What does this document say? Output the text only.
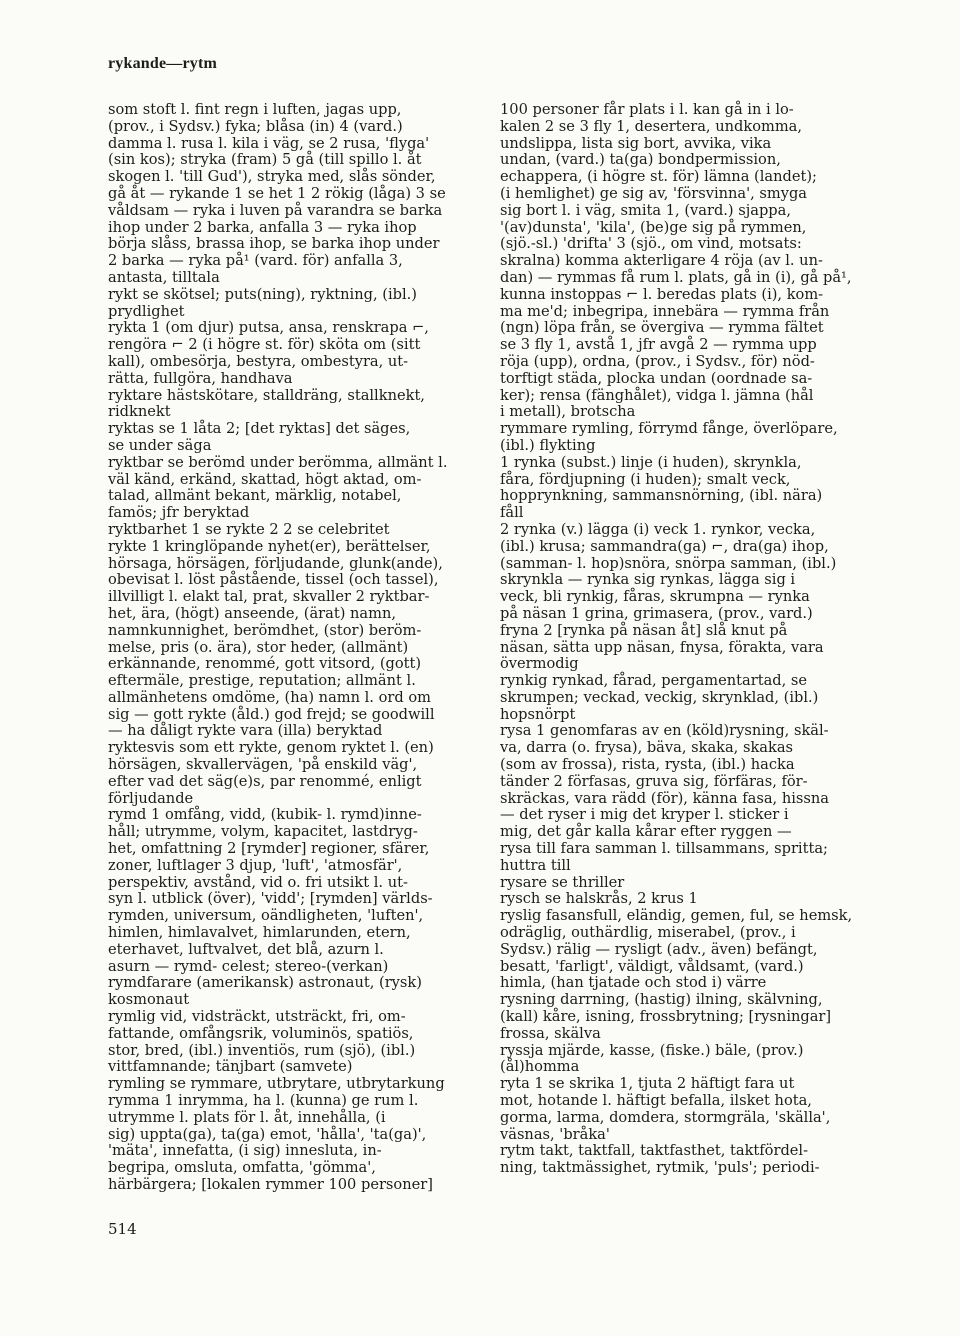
rykande—rytm
som stoft l. fint regn i luften, jagas upp,
(prov., i Sydsv.) fyka; blåsa (in) 4 (vard.)
damma l. rusa l. kila i väg, se 2 rusa, 'flyga'
(sin kos); stryka (fram) 5 gå (till spillo l. åt
skogen l. 'till Gud'), stryka med, slås sönder,
gå åt — rykande 1 se het 1 2 rökig (låga) 3 se
våldsam — ryka i luven på varandra se barka
ihop under 2 barka, anfalla 3 — ryka ihop
börja slåss, brassa ihop, se barka ihop under
2 barka — ryka på¹ (vard. för) anfalla 3,
antasta, tilltala
rykt se skötsel; puts(ning), ryktning, (ibl.)
prydlighet
rykta 1 (om djur) putsa, ansa, renskrapa ⌐,
rengöra ⌐ 2 (i högre st. för) sköta om (sitt
kall), ombesörja, bestyra, ombestyra, ut-
rätta, fullgöra, handhava
ryktare hästskötare, stalldräng, stallknekt,
ridknekt
ryktas se 1 låta 2; [det ryktas] det säges,
se under säga
ryktbar se berömd under berömma, allmänt l.
väl känd, erkänd, skattad, högt aktad, om-
talad, allmänt bekant, märklig, notabel,
famös; jfr beryktad
ryktbarhet 1 se rykte 2 2 se celebritet
rykte 1 kringlöpande nyhet(er), berättelser,
hörsaga, hörsägen, förljudande, glunk(ande),
obevisat l. löst påstående, tissel (och tassel),
illvilligt l. elakt tal, prat, skvaller 2 ryktbar-
het, ära, (högt) anseende, (ärat) namn,
namnkunnighet, berömdhet, (stor) beröm-
melse, pris (o. ära), stor heder, (allmänt)
erkännande, renommé, gott vitsord, (gott)
eftermäle, prestige, reputation; allmänt l.
allmänhetens omdöme, (ha) namn l. ord om
sig — gott rykte (åld.) god frejd; se goodwill
— ha dåligt rykte vara (illa) beryktad
ryktesvis som ett rykte, genom ryktet l. (en)
hörsägen, skvallervägen, 'på enskild väg',
efter vad det säg(e)s, par renommé, enligt
förljudande
rymd 1 omfång, vidd, (kubik- l. rymd)inne-
håll; utrymme, volym, kapacitet, lastdryg-
het, omfattning 2 [rymder] regioner, sfärer,
zoner, luftlager 3 djup, 'luft', 'atmosfär',
perspektiv, avstånd, vid o. fri utsikt l. ut-
syn l. utblick (över), 'vidd'; [rymden] världs-
rymden, universum, oändligheten, 'luften',
himlen, himlavalvet, himlarunden, etern,
eterhavet, luftvalvet, det blå, azurn l.
asurn — rymd- celest; stereo-(verkan)
rymdfarare (amerikansk) astronaut, (rysk)
kosmonaut
rymlig vid, vidsträckt, utsträckt, fri, om-
fattande, omfångsrik, voluminös, spatiös,
stor, bred, (ibl.) inventiös, rum (sjö), (ibl.)
vittfamnande; tänjbart (samvete)
rymling se rymmare, utbrytare, utbrytarkung
rymma 1 inrymma, ha l. (kunna) ge rum l.
utrymme l. plats för l. åt, innehålla, (i
sig) uppta(ga), ta(ga) emot, 'hålla', 'ta(ga)',
'mäta', innefatta, (i sig) innesluta, in-
begripa, omsluta, omfatta, 'gömma',
härbärgera; [lokalen rymmer 100 personer]
100 personer får plats i l. kan gå in i lo-
kalen 2 se 3 fly 1, desertera, undkomma,
undslippa, lista sig bort, avvika, vika
undan, (vard.) ta(ga) bondpermission,
echappera, (i högre st. för) lämna (landet);
(i hemlighet) ge sig av, 'försvinna', smyga
sig bort l. i väg, smita 1, (vard.) sjappa,
'(av)dunsta', 'kila', (be)ge sig på rymmen,
(sjö.-sl.) 'drifta' 3 (sjö., om vind, motsats:
skralna) komma akterligare 4 röja (av l. un-
dan) — rymmas få rum l. plats, gå in (i), gå på¹,
kunna instoppas ⌐ l. beredas plats (i), kom-
ma me'd; inbegripa, innebära — rymma från
(ngn) löpa från, se övergiva — rymma fältet
se 3 fly 1, avstå 1, jfr avgå 2 — rymma upp
röja (upp), ordna, (prov., i Sydsv., för) nöd-
torftigt städa, plocka undan (oordnade sa-
ker); rensa (fänghålet), vidga l. jämna (hål
i metall), brotscha
rymmare rymling, förrymd fånge, överlöpare,
(ibl.) flykting
1 rynka (subst.) linje (i huden), skrynkla,
fåra, fördjupning (i huden); smalt veck,
hopprynkning, sammansnörning, (ibl. nära)
fåll
2 rynka (v.) lägga (i) veck 1. rynkor, vecka,
(ibl.) krusa; sammandra(ga) ⌐, dra(ga) ihop,
(samman- l. hop)snöra, snörpa samman, (ibl.)
skrynkla — rynka sig rynkas, lägga sig i
veck, bli rynkig, fåras, skrumpna — rynka
på näsan 1 grina, grimasera, (prov., vard.)
fryna 2 [rynka på näsan åt] slå knut på
näsan, sätta upp näsan, fnysa, förakta, vara
övermodig
rynkig rynkad, fårad, pergamentartad, se
skrumpen; veckad, veckig, skrynklad, (ibl.)
hopsnörpt
rysa 1 genomfaras av en (köld)rysning, skäl-
va, darra (o. frysa), bäva, skaka, skakas
(som av frossa), rista, rysta, (ibl.) hacka
tänder 2 förfasas, gruva sig, förfäras, för-
skräckas, vara rädd (för), känna fasa, hissna
— det ryser i mig det kryper l. sticker i
mig, det går kalla kårar efter ryggen —
rysa till fara samman l. tillsammans, spritta;
huttra till
rysare se thriller
rysch se halskrås, 2 krus 1
ryslig fasansfull, eländig, gemen, ful, se hemsk,
odräglig, outhärdlig, miserabel, (prov., i
Sydsv.) rälig — rysligt (adv., även) befängt,
besatt, 'farligt', väldigt, våldsamt, (vard.)
himla, (han tjatade och stod i) värre
rysning darrning, (hastig) ilning, skälvning,
(kall) kåre, isning, frossbrytning; [rysningar]
frossa, skälva
ryssja mjärde, kasse, (fiske.) bäle, (prov.)
(ål)homma
ryta 1 se skrika 1, tjuta 2 häftigt fara ut
mot, hotande l. häftigt befalla, ilsket hota,
gorma, larma, domdera, stormgräla, 'skälla',
väsnas, 'bråka'
rytm takt, taktfall, taktfasthet, taktfördel-
ning, taktmässighet, rytmik, 'puls'; periodi-
514
